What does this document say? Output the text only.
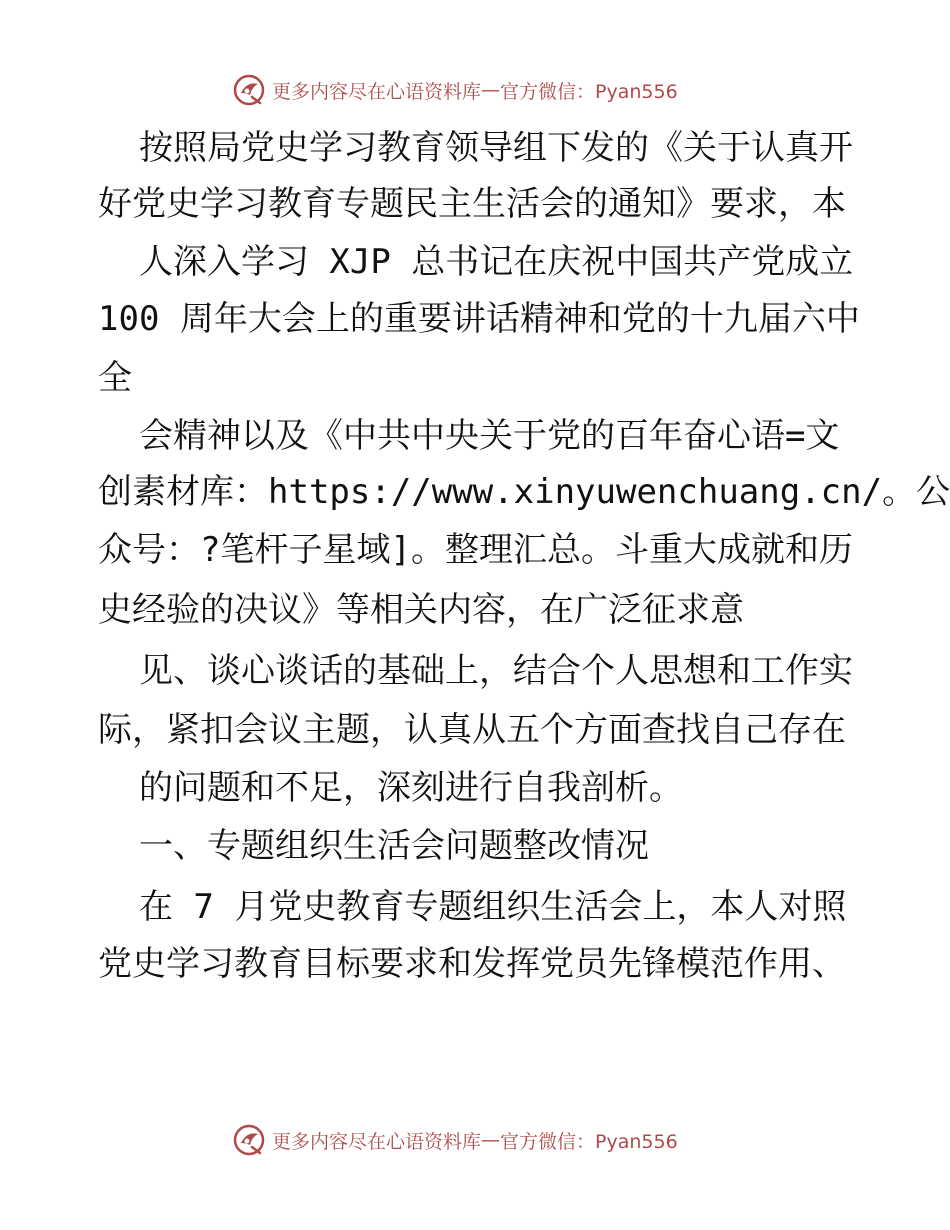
更多内容尽在心语资料库 — 官方微信：Pyan556
按照局党史学习教育领导组下发的《关于认真开
好党史学习教育专题民主生活会的通知》要求，本
人深入学习 XJP 总书记在庆祝中国共产党成立
100 周年大会上的重要讲话精神和党的十九届六中
全
会精神以及《中共中央关于党的百年奋心语=文
创素材库：https://www.xinyuwenchuang.cn/。公
众号：?笔杆子星域]。整理汇总。斗重大成就和历
史经验的决议》等相关内容，在广泛征求意
见、谈心谈话的基础上，结合个人思想和工作实
际，紧扣会议主题，认真从五个方面查找自己存在
的问题和不足，深刻进行自我剖析。
一、专题组织生活会问题整改情况
在 7 月党史教育专题组织生活会上，本人对照
党史学习教育目标要求和发挥党员先锋模范作用、
更多内容尽在心语资料库 — 官方微信：Pyan556
